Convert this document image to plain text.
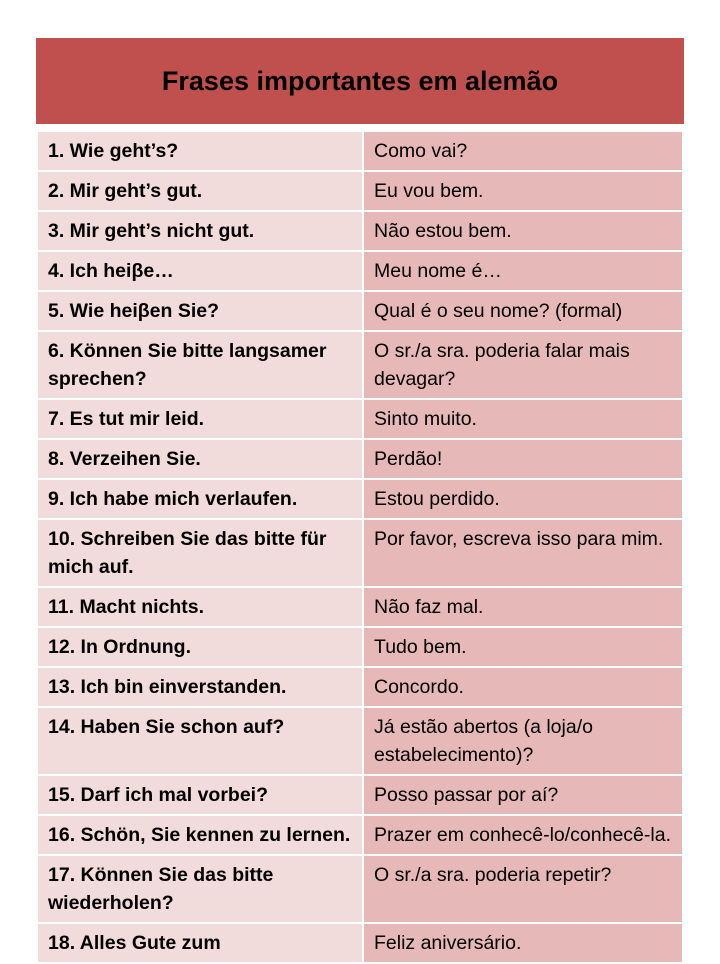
Frases importantes em alemão
1. Wie geht’s?	Como vai?
2. Mir geht’s gut.	Eu vou bem.
3. Mir geht’s nicht gut.	Não estou bem.
4. Ich heiβe…	Meu nome é…
5. Wie heiβen Sie?	Qual é o seu nome? (formal)
6. Können Sie bitte langsamer sprechen?	O sr./a sra. poderia falar mais devagar?
7. Es tut mir leid.	Sinto muito.
8. Verzeihen Sie.	Perdão!
9. Ich habe mich verlaufen.	Estou perdido.
10. Schreiben Sie das bitte für mich auf.	Por favor, escreva isso para mim.
11. Macht nichts.	Não faz mal.
12. In Ordnung.	Tudo bem.
13. Ich bin einverstanden.	Concordo.
14. Haben Sie schon auf?	Já estão abertos (a loja/o estabelecimento)?
15. Darf ich mal vorbei?	Posso passar por aí?
16. Schön, Sie kennen zu lernen.	Prazer em conhecê-lo/conhecê-la.
17. Können Sie das bitte wiederholen?	O sr./a sra. poderia repetir?
18. Alles Gute zum	Feliz aniversário.
